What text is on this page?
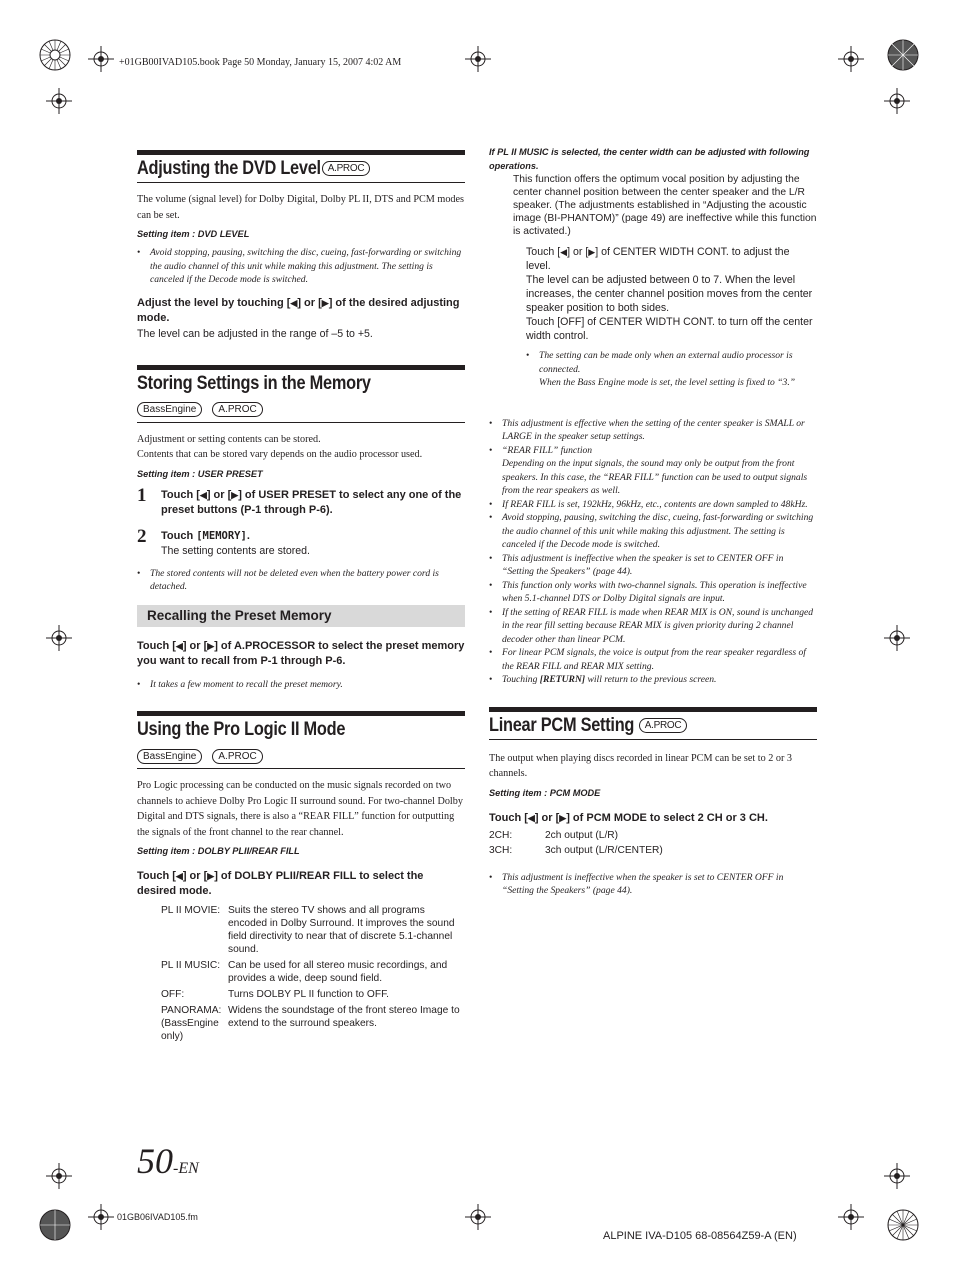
+01GB00IVAD105.book Page 50 Monday, January 15, 2007 4:02 AM
50-EN
01GB06IVAD105.fm
ALPINE IVA-D105 68-08564Z59-A (EN)
Adjusting the DVD Level A.PROC

The volume (signal level) for Dolby Digital, Dolby PL II, DTS and PCM modes can be set.

Setting item : DVD LEVEL

• Avoid stopping, pausing, switching the disc, cueing, fast-forwarding or switching the audio channel of this unit while making this adjustment. The setting is canceled if the Decode mode is switched.

Adjust the level by touching [◀] or [▶] of the desired adjusting mode.

The level can be adjusted in the range of –5 to +5.

Storing Settings in the Memory
BassEngine A.PROC

Adjustment or setting contents can be stored.

Contents that can be stored vary depends on the audio processor used.

Setting item : USER PRESET

1 Touch [◀] or [▶] of USER PRESET to select any one of the preset buttons (P-1 through P-6).

2 Touch [MEMORY].

The setting contents are stored.

• The stored contents will not be deleted even when the battery power cord is detached.

Recalling the Preset Memory

Touch [◀] or [▶] of A.PROCESSOR to select the preset memory you want to recall from P-1 through P-6.

• It takes a few moment to recall the preset memory.

Using the Pro Logic II Mode
BassEngine A.PROC

Pro Logic processing can be conducted on the music signals recorded on two channels to achieve Dolby Pro Logic II surround sound. For two-channel Dolby Digital and DTS signals, there is also a “REAR FILL” function for outputting the signals of the front channel to the rear channel.

Setting item : DOLBY PLII/REAR FILL

Touch [◀] or [▶] of DOLBY PLII/REAR FILL to select the desired mode.

PL II MOVIE: Suits the stereo TV shows and all programs encoded in Dolby Surround. It improves the sound field directivity to near that of discrete 5.1-channel sound.
PL II MUSIC: Can be used for all stereo music recordings, and provides a wide, deep sound field.
OFF:	Turns DOLBY PL II function to OFF.
PANORAMA: (BassEngine only)
Widens the soundstage of the front stereo Image to extend to the surround speakers.

If PL II MUSIC is selected, the center width can be adjusted with following operations.

This function offers the optimum vocal position by adjusting the center channel position between the center speaker and the L/R speaker. (The adjustments established in “Adjusting the acoustic image (BI-PHANTOM)” (page 49) are ineffective while this function is activated.)

Touch [◀] or [▶] of CENTER WIDTH CONT. to adjust the level.

The level can be adjusted between 0 to 7. When the level increases, the center channel position moves from the center speaker position to both sides.

Touch [OFF] of CENTER WIDTH CONT. to turn off the center width control.

• The setting can be made only when an external audio processor is connected.
When the Bass Engine mode is set, the level setting is fixed to “3.”

• This adjustment is effective when the setting of the center speaker is SMALL or LARGE in the speaker setup settings.

• “REAR FILL” function
Depending on the input signals, the sound may only be output from the front speakers. In this case, the “REAR FILL” function can be used to output signals from the rear speakers as well.

• If REAR FILL is set, 192kHz, 96kHz, etc., contents are down sampled to 48kHz.

• Avoid stopping, pausing, switching the disc, cueing, fast-forwarding or switching the audio channel of this unit while making this adjustment. The setting is canceled if the Decode mode is switched.

• This adjustment is ineffective when the speaker is set to CENTER OFF in “Setting the Speakers” (page 44).

• This function only works with two-channel signals. This operation is ineffective when 5.1-channel DTS or Dolby Digital signals are input.

• If the setting of REAR FILL is made when REAR MIX is ON, sound is unchanged in the rear fill setting because REAR MIX is given priority during 2 channel decoder other than linear PCM.

• For linear PCM signals, the voice is output from the rear speaker regardless of the REAR FILL and REAR MIX setting.

• Touching [RETURN] will return to the previous screen.

Linear PCM Setting A.PROC

The output when playing discs recorded in linear PCM can be set to 2 or 3 channels.

Setting item : PCM MODE

Touch [◀] or [▶] of PCM MODE to select 2 CH or 3 CH.

2CH:	2ch output (L/R)
3CH:	3ch output (L/R/CENTER)

• This adjustment is ineffective when the speaker is set to CENTER OFF in “Setting the Speakers” (page 44).
